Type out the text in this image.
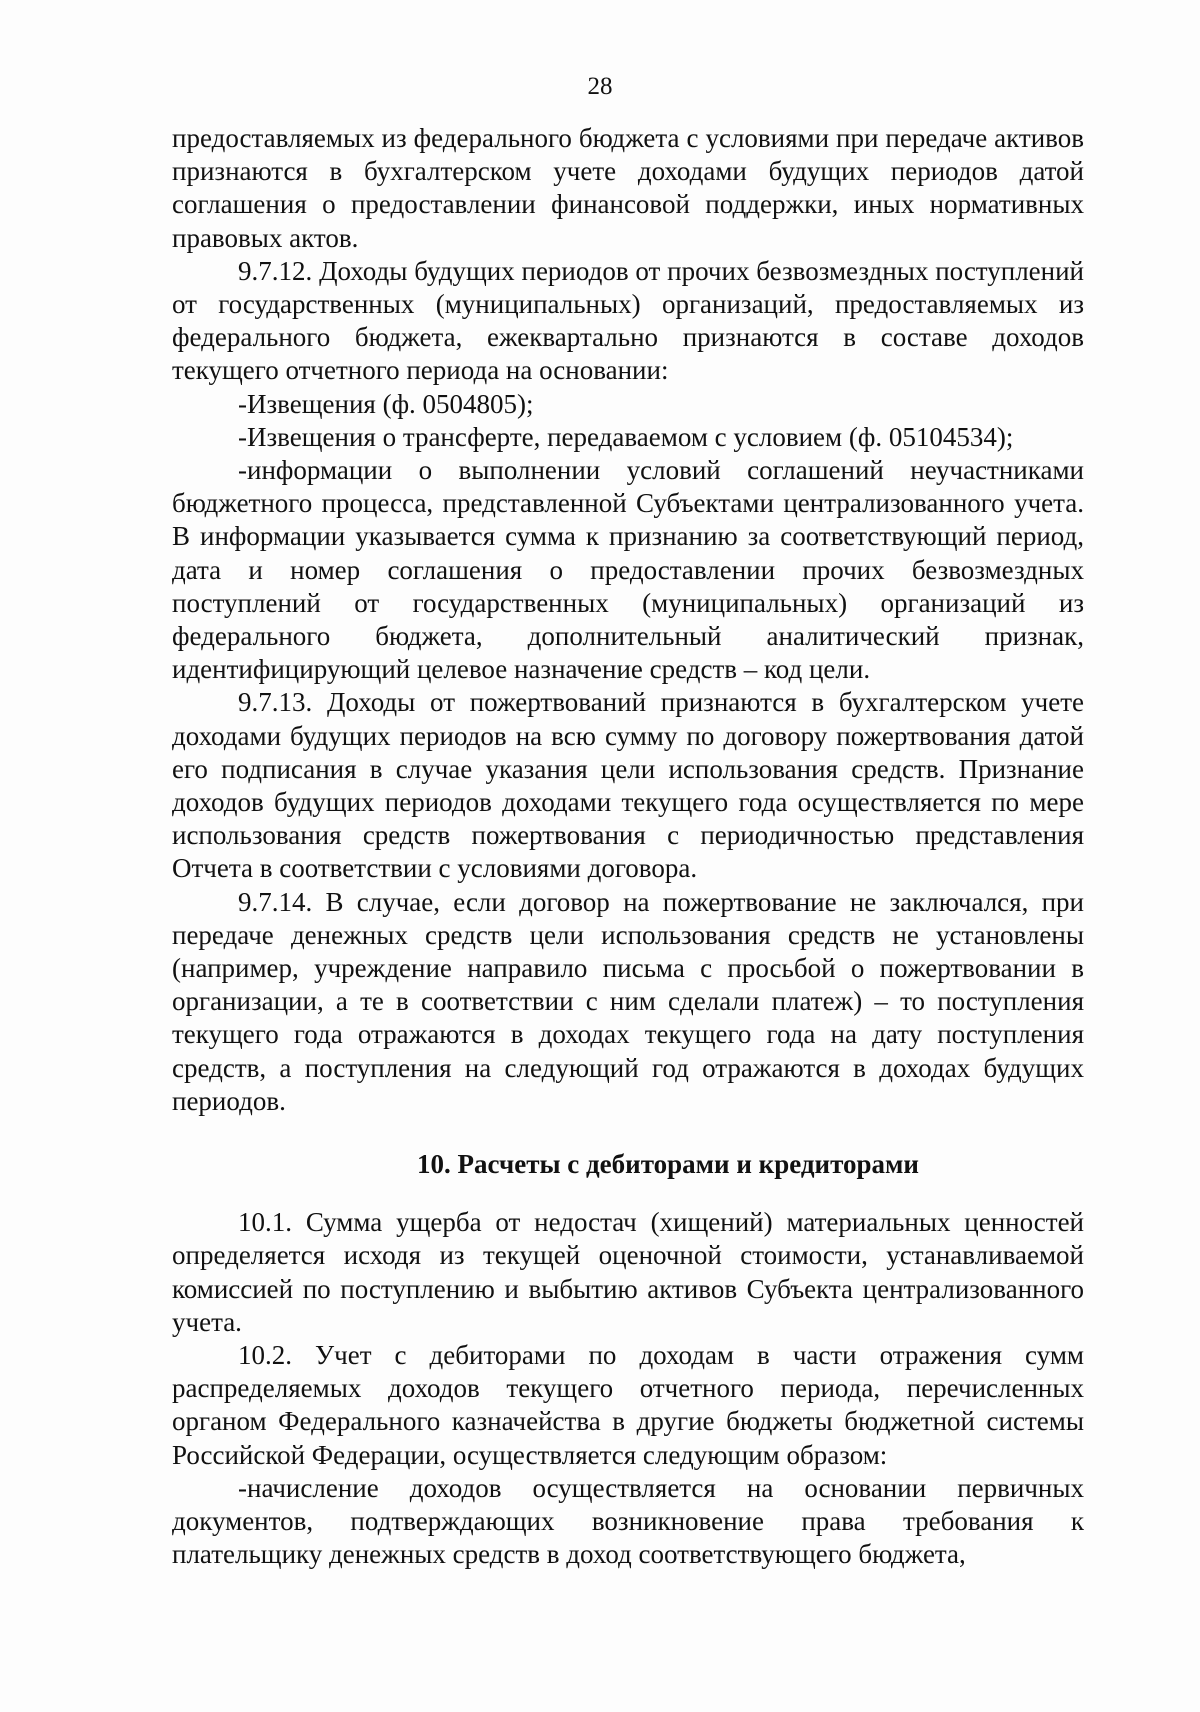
28

предоставляемых из федерального бюджета с условиями при передаче активов признаются в бухгалтерском учете доходами будущих периодов датой соглашения о предоставлении финансовой поддержки, иных нормативных правовых актов.

9.7.12. Доходы будущих периодов от прочих безвозмездных поступлений от государственных (муниципальных) организаций, предоставляемых из федерального бюджета, ежеквартально признаются в составе доходов текущего отчетного периода на основании:

-Извещения (ф. 0504805);

-Извещения о трансферте, передаваемом с условием (ф. 05104534);

-информации о выполнении условий соглашений неучастниками бюджетного процесса, представленной Субъектами централизованного учета. В информации указывается сумма к признанию за соответствующий период, дата и номер соглашения о предоставлении прочих безвозмездных поступлений от государственных (муниципальных) организаций из федерального бюджета, дополнительный аналитический признак, идентифицирующий целевое назначение средств – код цели.

9.7.13. Доходы от пожертвований признаются в бухгалтерском учете доходами будущих периодов на всю сумму по договору пожертвования датой его подписания в случае указания цели использования средств. Признание доходов будущих периодов доходами текущего года осуществляется по мере использования средств пожертвования с периодичностью представления Отчета в соответствии с условиями договора.

9.7.14. В случае, если договор на пожертвование не заключался, при передаче денежных средств цели использования средств не установлены (например, учреждение направило письма с просьбой о пожертвовании в организации, а те в соответствии с ним сделали платеж) – то поступления текущего года отражаются в доходах текущего года на дату поступления средств, а поступления на следующий год отражаются в доходах будущих периодов.

10. Расчеты с дебиторами и кредиторами

10.1. Сумма ущерба от недостач (хищений) материальных ценностей определяется исходя из текущей оценочной стоимости, устанавливаемой комиссией по поступлению и выбытию активов Субъекта централизованного учета.

10.2. Учет с дебиторами по доходам в части отражения сумм распределяемых доходов текущего отчетного периода, перечисленных органом Федерального казначейства в другие бюджеты бюджетной системы Российской Федерации, осуществляется следующим образом:

-начисление доходов осуществляется на основании первичных документов, подтверждающих возникновение права требования к плательщику денежных средств в доход соответствующего бюджета,
